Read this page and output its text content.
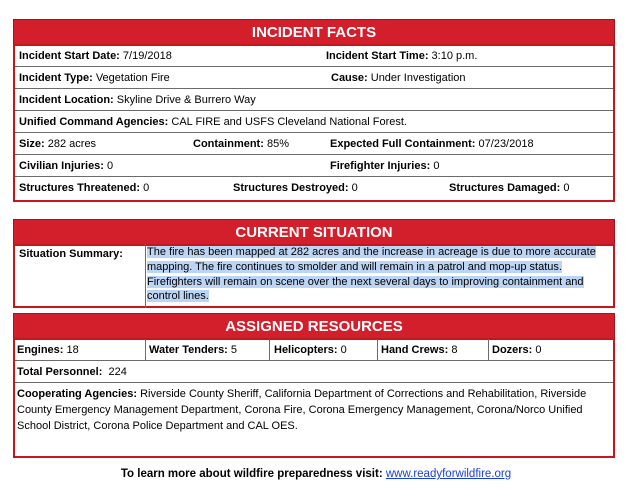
INCIDENT FACTS
Incident Start Date: 7/19/2018	Incident Start Time: 3:10 p.m.
Incident Type: Vegetation Fire	Cause: Under Investigation
Incident Location: Skyline Drive & Burrero Way
Unified Command Agencies: CAL FIRE and USFS Cleveland National Forest.
Size: 282 acres	Containment: 85%	Expected Full Containment: 07/23/2018
Civilian Injuries: 0	Firefighter Injuries: 0
Structures Threatened: 0	Structures Destroyed: 0	Structures Damaged: 0
CURRENT SITUATION
Situation Summary: The fire has been mapped at 282 acres and the increase in acreage is due to more accurate
mapping. The fire continues to smolder and will remain in a patrol and mop-up status.
Firefighters will remain on scene over the next several days to improving containment and
control lines.
ASSIGNED RESOURCES
Engines: 18	Water Tenders: 5	Helicopters: 0	Hand Crews: 8	Dozers: 0
Total Personnel: 224
Cooperating Agencies: Riverside County Sheriff, California Department of Corrections and Rehabilitation, Riverside
County Emergency Management Department, Corona Fire, Corona Emergency Management, Corona/Norco Unified
School District, Corona Police Department and CAL OES.
To learn more about wildfire preparedness visit: www.readyforwildfire.org
